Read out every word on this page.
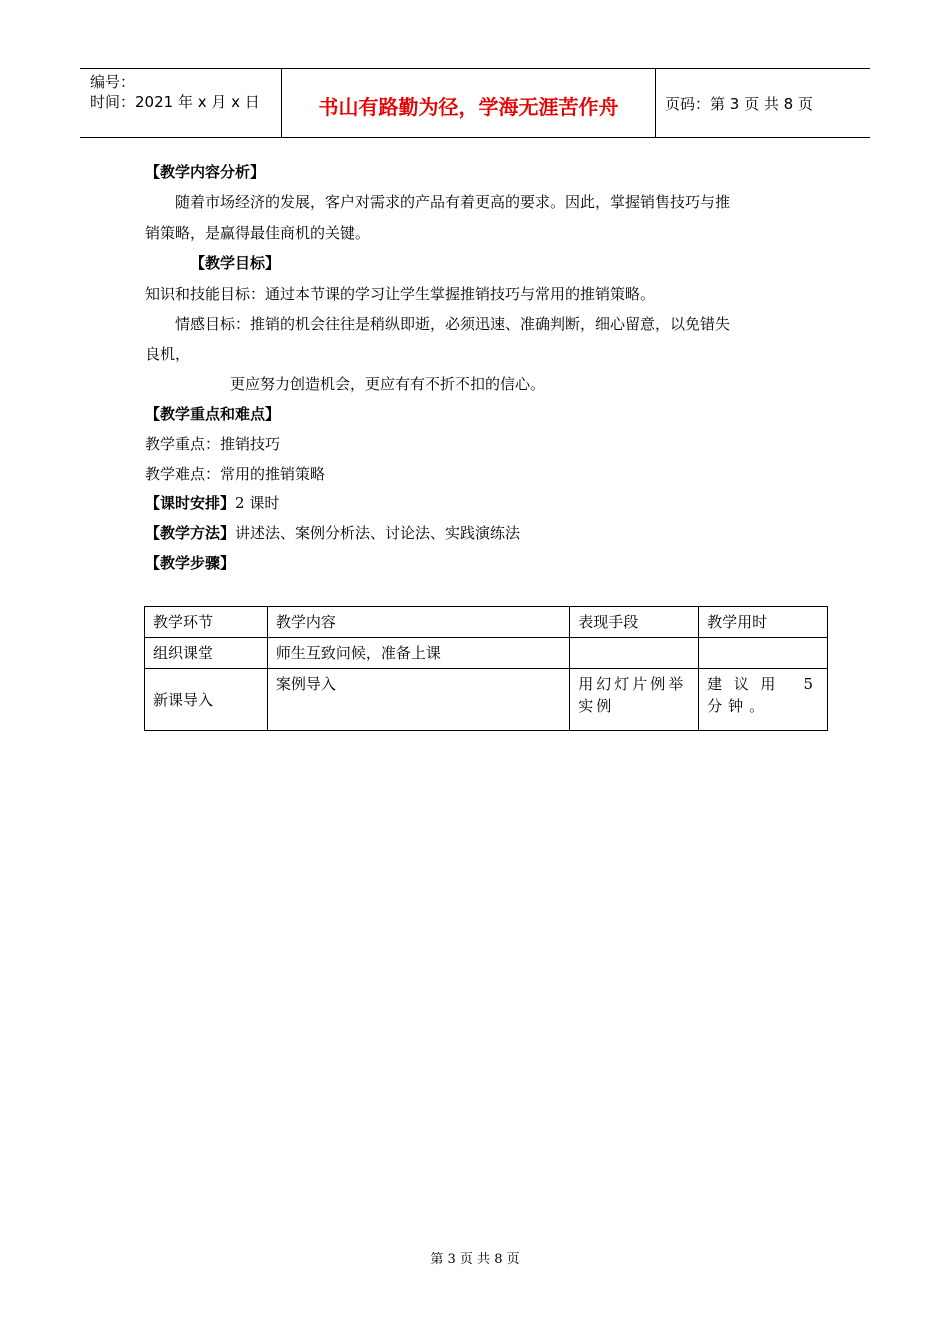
编号：
时间：2021 年 x 月 x 日	书山有路勤为径，学海无涯苦作舟	页码：第 3 页 共 8 页
【教学内容分析】
随着市场经济的发展，客户对需求的产品有着更高的要求。因此，掌握销售技巧与推
销策略，是赢得最佳商机的关键。
【教学目标】
知识和技能目标：通过本节课的学习让学生掌握推销技巧与常用的推销策略。
情感目标：推销的机会往往是稍纵即逝，必须迅速、准确判断，细心留意，以免错失
良机，
更应努力创造机会，更应有有不折不扣的信心。
【教学重点和难点】
教学重点：推销技巧
教学难点：常用的推销策略
【课时安排】2 课时
【教学方法】讲述法、案例分析法、讨论法、实践演练法
【教学步骤】
教学环节	教学内容	表现手段	教学用时
组织课堂	师生互致问候，准备上课		
新课导入	案例导入	用幻灯片例举实例	建议用 5 分钟。
第 3 页 共 8 页
